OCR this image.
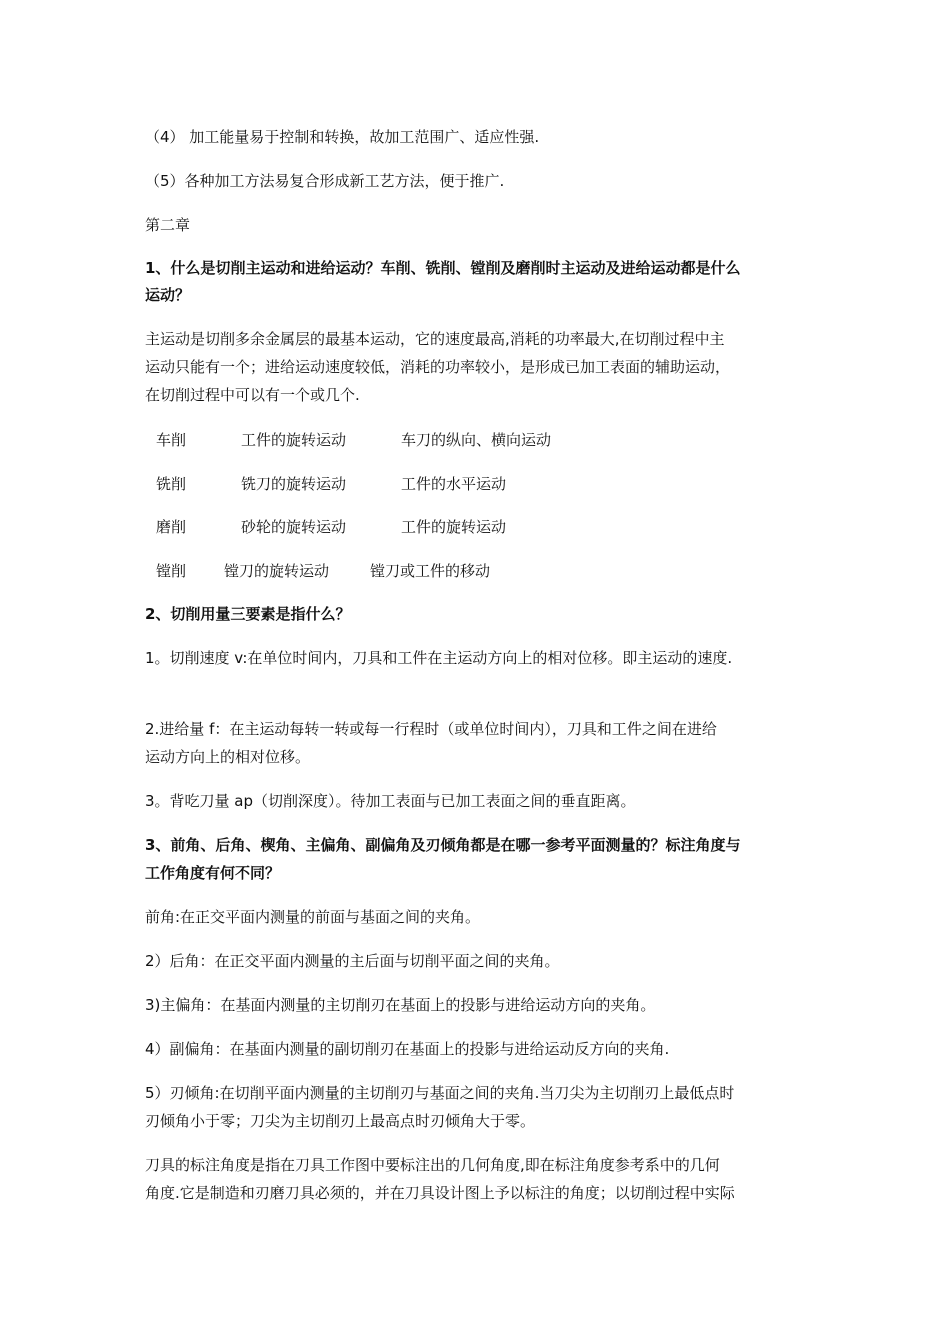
（4） 加工能量易于控制和转换，故加工范围广、适应性强.
（5）各种加工方法易复合形成新工艺方法，便于推广.
第二章
1、什么是切削主运动和进给运动？车削、铣削、镗削及磨削时主运动及进给运动都是什么
运动？
主运动是切削多余金属层的最基本运动，它的速度最高,消耗的功率最大,在切削过程中主
运动只能有一个；进给运动速度较低，消耗的功率较小，是形成已加工表面的辅助运动，
在切削过程中可以有一个或几个.
车削	工件的旋转运动	车刀的纵向、横向运动
铣削	铣刀的旋转运动	工件的水平运动
磨削	砂轮的旋转运动	工件的旋转运动
镗削	镗刀的旋转运动	镗刀或工件的移动
2、切削用量三要素是指什么？
1。切削速度 v:在单位时间内，刀具和工件在主运动方向上的相对位移。即主运动的速度.
2.进给量 f：在主运动每转一转或每一行程时（或单位时间内），刀具和工件之间在进给
运动方向上的相对位移。
3。背吃刀量 ap（切削深度）。待加工表面与已加工表面之间的垂直距离。
3、前角、后角、楔角、主偏角、副偏角及刃倾角都是在哪一参考平面测量的？标注角度与
工作角度有何不同？
前角:在正交平面内测量的前面与基面之间的夹角。
2）后角：在正交平面内测量的主后面与切削平面之间的夹角。
3)主偏角：在基面内测量的主切削刃在基面上的投影与进给运动方向的夹角。
4）副偏角：在基面内测量的副切削刃在基面上的投影与进给运动反方向的夹角.
5）刃倾角:在切削平面内测量的主切削刃与基面之间的夹角.当刀尖为主切削刃上最低点时
刃倾角小于零；刀尖为主切削刃上最高点时刃倾角大于零。
刀具的标注角度是指在刀具工作图中要标注出的几何角度,即在标注角度参考系中的几何
角度.它是制造和刃磨刀具必须的，并在刀具设计图上予以标注的角度；以切削过程中实际
